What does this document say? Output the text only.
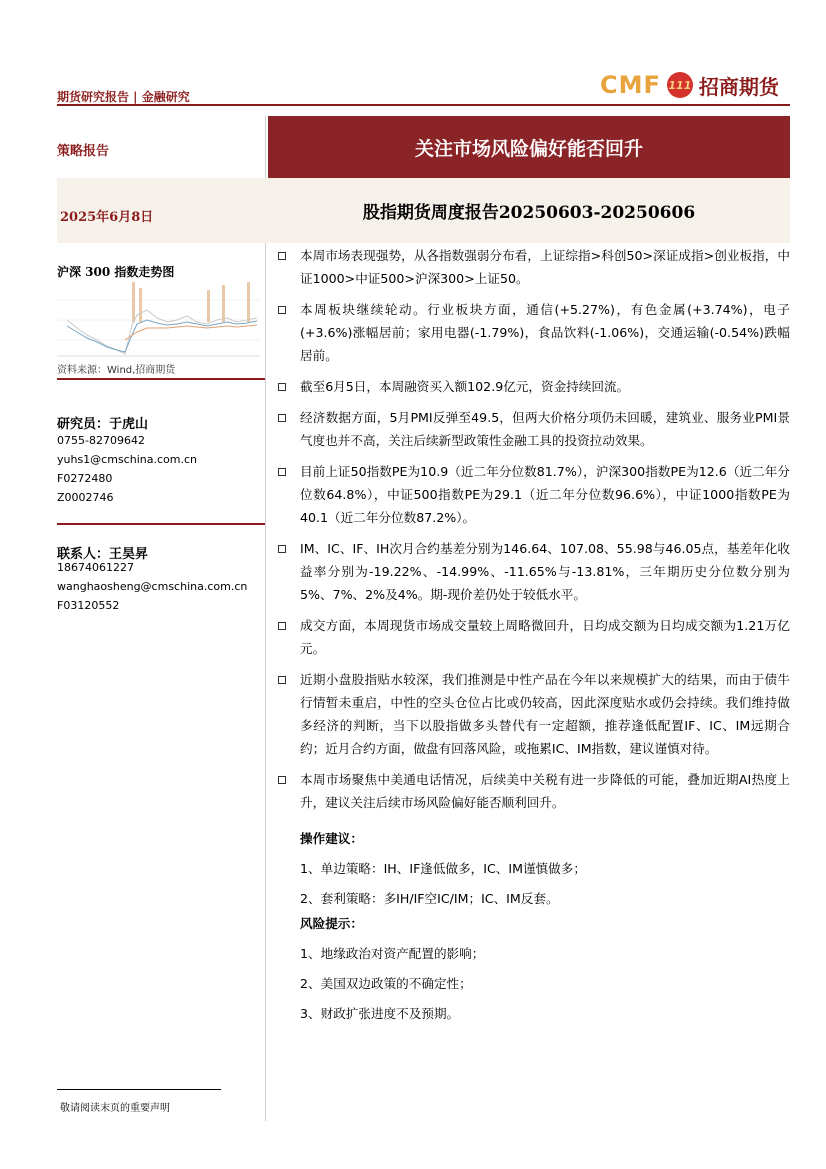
期货研究报告 | 金融研究	CMF 111 招商期货
策略报告	关注市场风险偏好能否回升
2025年6月8日	股指期货周度报告20250603-20250606
沪深 300 指数走势图
资料来源：Wind,招商期货
研究员：于虎山
0755-82709642
yuhs1@cmschina.com.cn
F0272480
Z0002746
联系人：王昊昇
18674061227
wanghaosheng@cmschina.com.cn
F03120552
本周市场表现强势，从各指数强弱分布看，上证综指>科创50>深证成指>创业板指，中证1000>中证500>沪深300>上证50。
本周板块继续轮动。行业板块方面，通信(+5.27%)，有色金属(+3.74%)，电子(+3.6%)涨幅居前；家用电器(-1.79%)，食品饮料(-1.06%)，交通运输(-0.54%)跌幅居前。
截至6月5日，本周融资买入额102.9亿元，资金持续回流。
经济数据方面，5月PMI反弹至49.5，但两大价格分项仍未回暖，建筑业、服务业PMI景气度也并不高，关注后续新型政策性金融工具的投资拉动效果。
目前上证50指数PE为10.9（近二年分位数81.7%），沪深300指数PE为12.6（近二年分位数64.8%），中证500指数PE为29.1（近二年分位数96.6%），中证1000指数PE为40.1（近二年分位数87.2%）。
IM、IC、IF、IH次月合约基差分别为146.64、107.08、55.98与46.05点，基差年化收益率分别为-19.22%、-14.99%、-11.65%与-13.81%，三年期历史分位数分别为5%、7%、2%及4%。期-现价差仍处于较低水平。
成交方面，本周现货市场成交量较上周略微回升，日均成交额为日均成交额为1.21万亿元。
近期小盘股指贴水较深，我们推测是中性产品在今年以来规模扩大的结果，而由于债牛行情暂未重启，中性的空头仓位占比或仍较高，因此深度贴水或仍会持续。我们维持做多经济的判断，当下以股指做多头替代有一定超额，推荐逢低配置IF、IC、IM远期合约；近月合约方面，做盘有回落风险，或拖累IC、IM指数，建议谨慎对待。
本周市场聚焦中美通电话情况，后续美中关税有进一步降低的可能，叠加近期AI热度上升，建议关注后续市场风险偏好能否顺利回升。
操作建议：
1、单边策略：IH、IF逢低做多，IC、IM谨慎做多；
2、套利策略：多IH/IF空IC/IM；IC、IM反套。
风险提示：
1、地缘政治对资产配置的影响；
2、美国双边政策的不确定性；
3、财政扩张进度不及预期。
敬请阅读末页的重要声明
